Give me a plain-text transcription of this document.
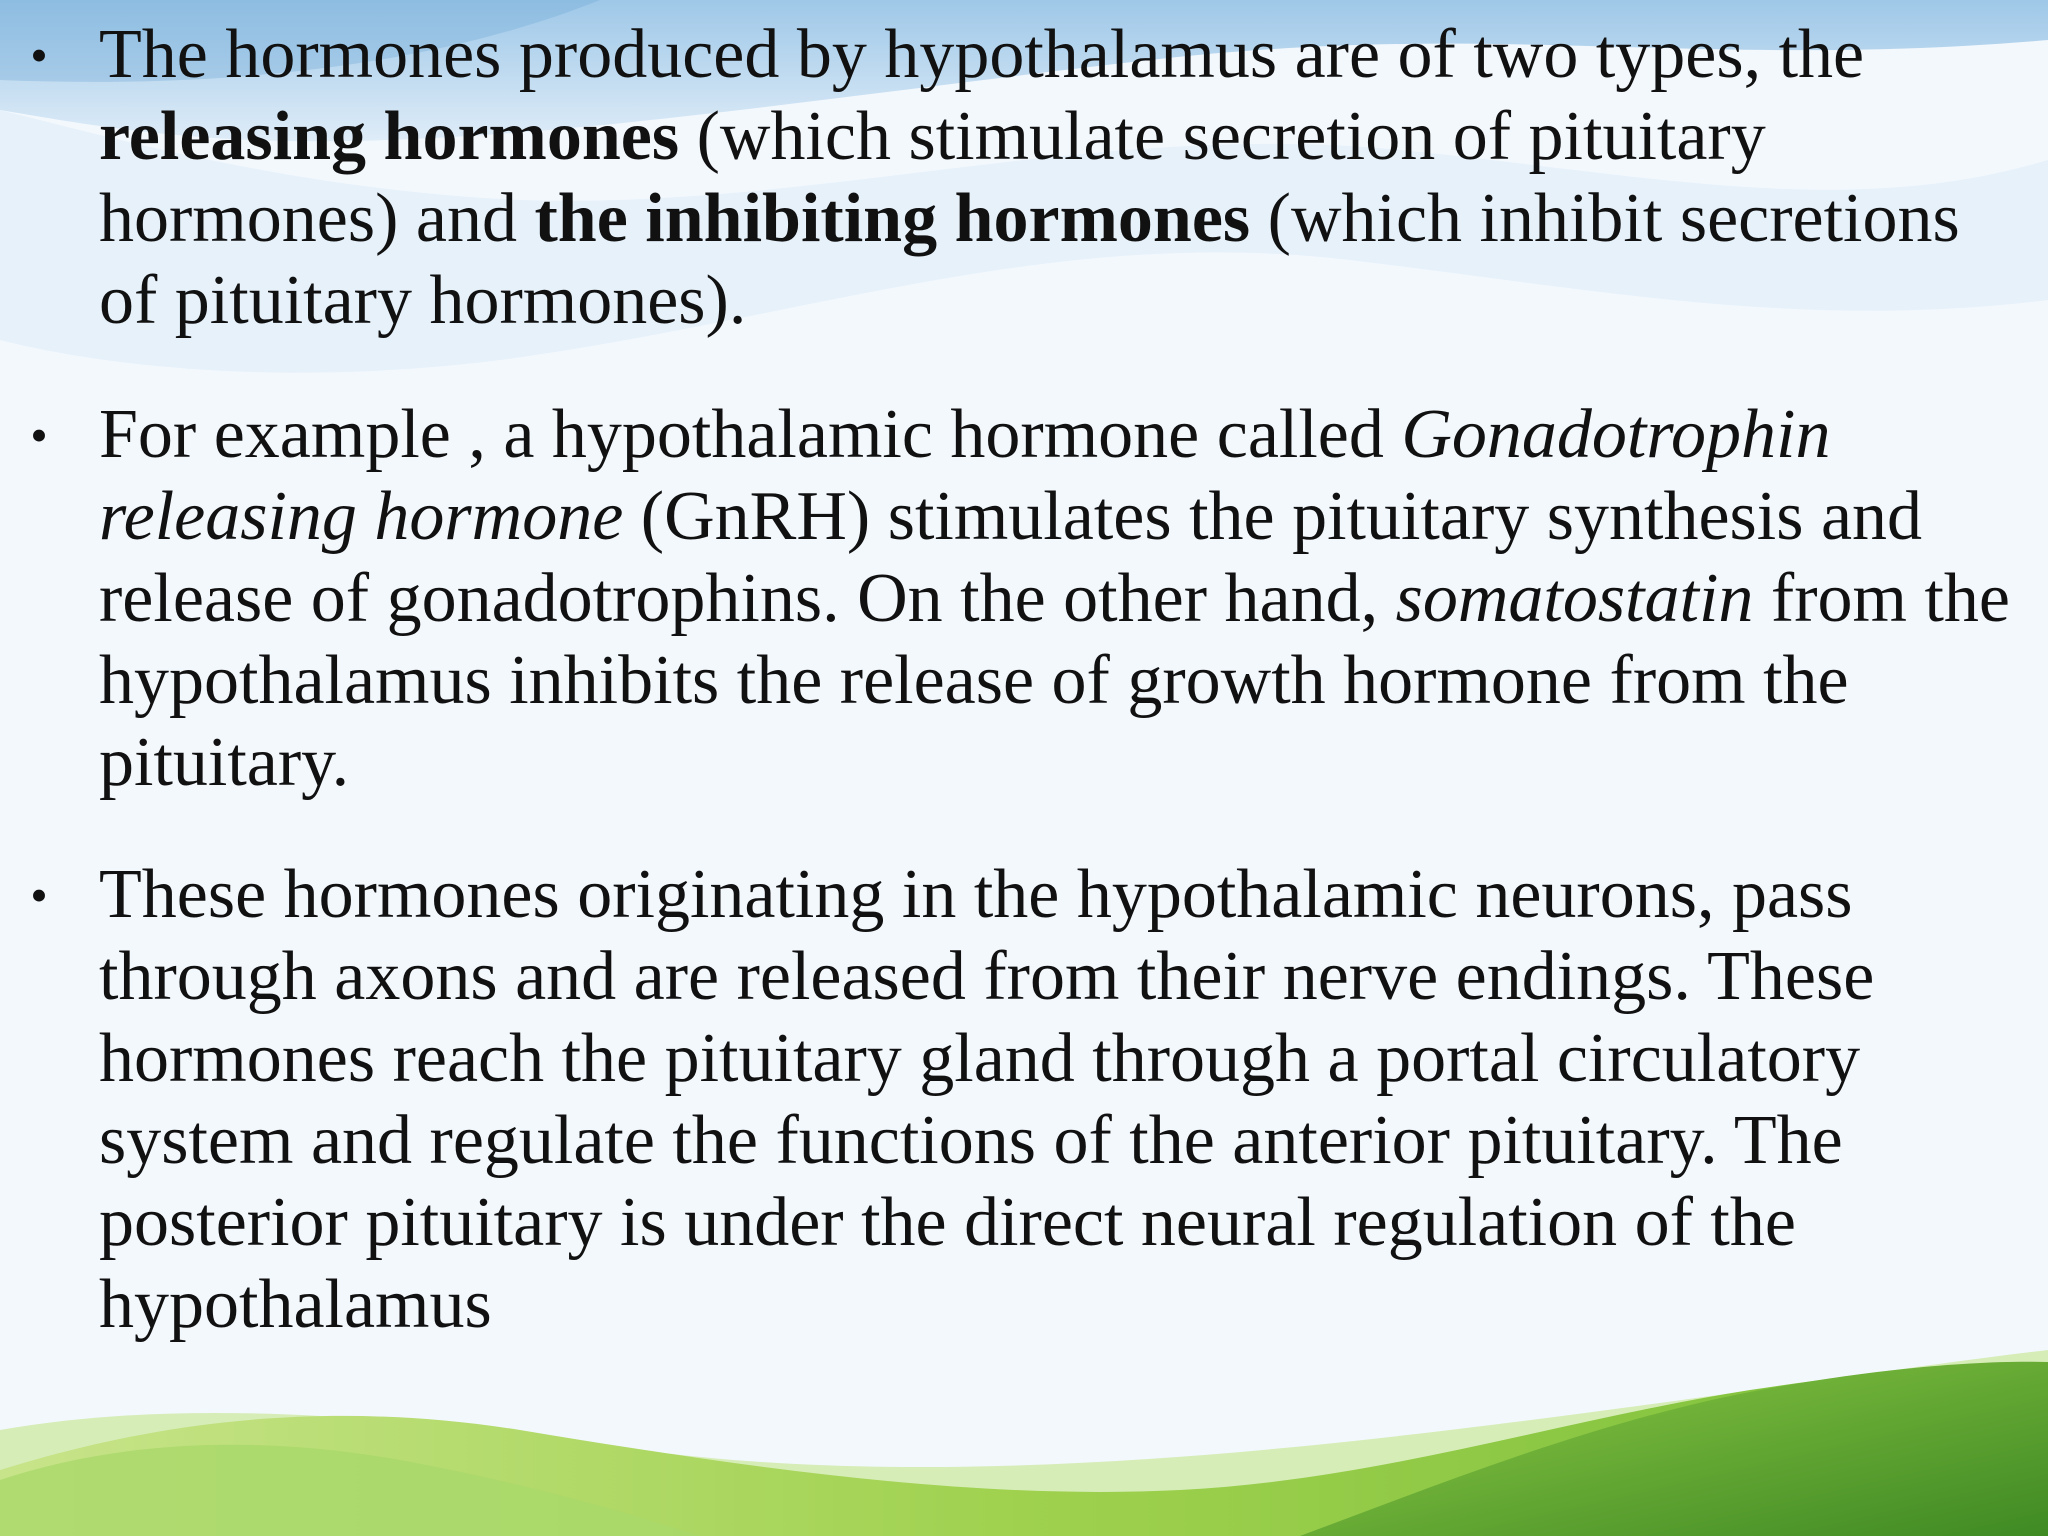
• The hormones produced by hypothalamus are of two types, the releasing hormones (which stimulate secretion of pituitary hormones) and the inhibiting hormones (which inhibit secretions of pituitary hormones).

• For example , a hypothalamic hormone called Gonadotrophin releasing hormone (GnRH) stimulates the pituitary synthesis and release of gonadotrophins. On the other hand, somatostatin from the hypothalamus inhibits the release of growth hormone from the pituitary.

• These hormones originating in the hypothalamic neurons, pass through axons and are released from their nerve endings. These hormones reach the pituitary gland through a portal circulatory system and regulate the functions of the anterior pituitary. The posterior pituitary is under the direct neural regulation of the hypothalamus
